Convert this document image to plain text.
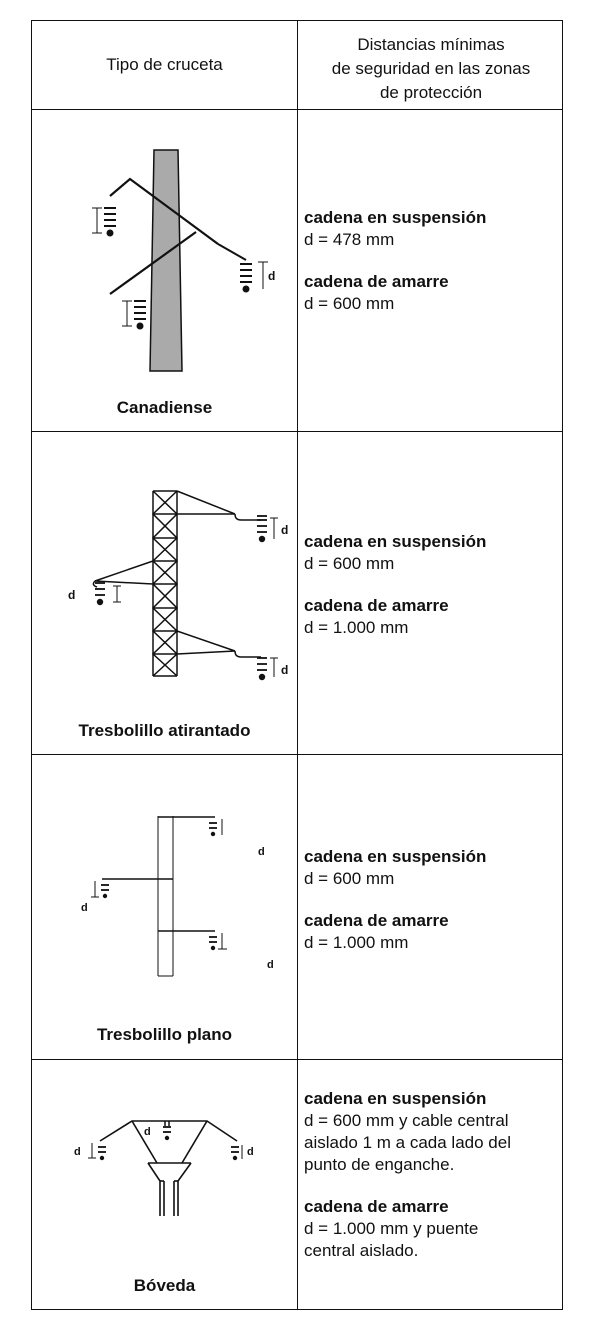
Tipo de cruceta
Distancias mínimas
de seguridad en las zonas
de protección
d
Canadiense
cadena en suspensión
d = 478 mm
cadena de amarre
d = 600 mm
d
d
d
Tresbolillo atirantado
cadena en suspensión
d = 600 mm
cadena de amarre
d = 1.000 mm
d
d
d
Tresbolillo plano
cadena en suspensión
d = 600 mm
cadena de amarre
d = 1.000 mm
d
d
d
Bóveda
cadena en suspensión
d = 600 mm y cable central
aislado 1 m a cada lado del
punto de enganche.
cadena de amarre
d = 1.000 mm y puente
central aislado.
